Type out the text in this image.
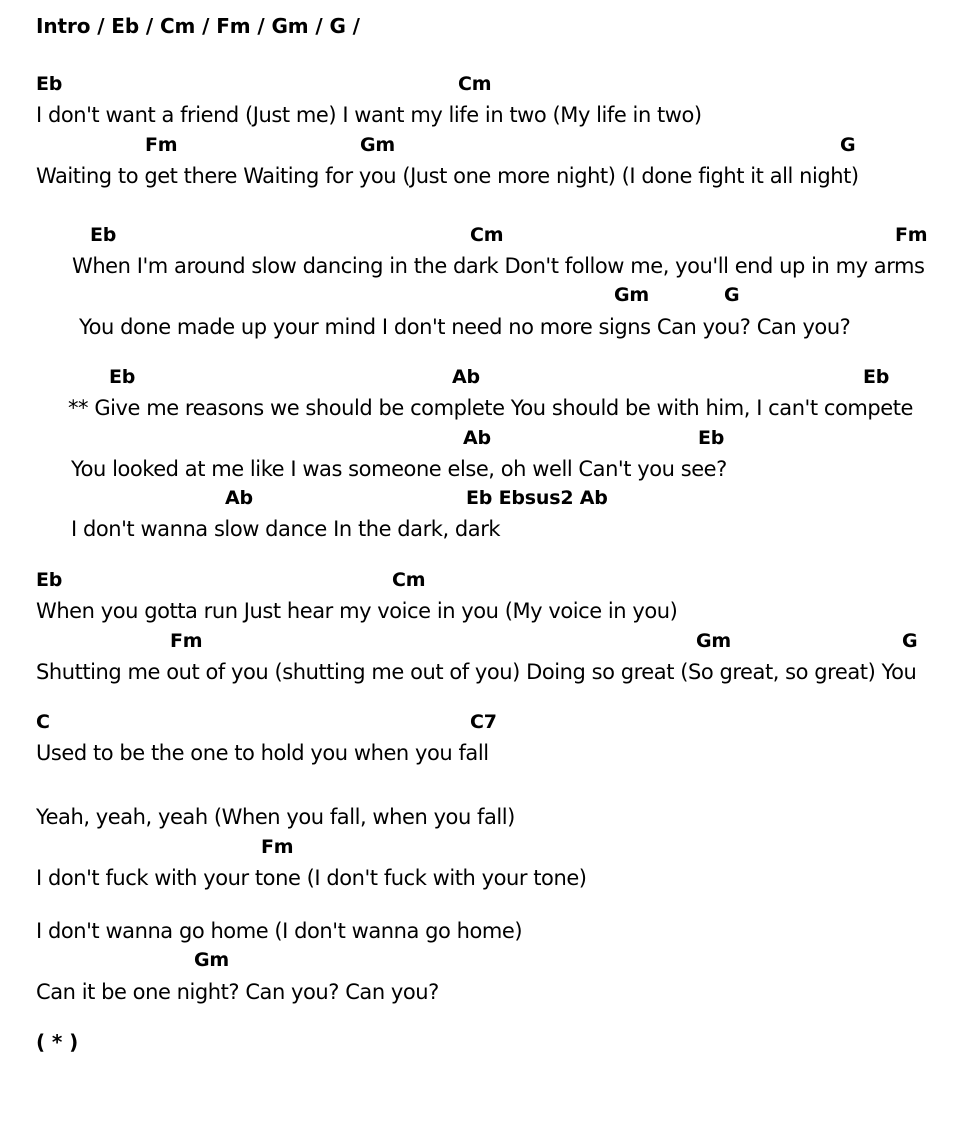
Intro / Eb / Cm / Fm / Gm / G /
Eb	Cm
I don't want a friend (Just me) I want my life in two (My life in two)
Fm	Gm	G
Waiting to get there Waiting for you (Just one more night) (I done fight it all night)
Eb	Cm	Fm
When I'm around slow dancing in the dark Don't follow me, you'll end up in my arms
Gm	G
You done made up your mind I don't need no more signs Can you? Can you?
Eb	Ab	Eb
** Give me reasons we should be complete You should be with him, I can't compete
Ab	Eb
You looked at me like I was someone else, oh well Can't you see?
Ab	Eb Ebsus2 Ab
I don't wanna slow dance In the dark, dark
Eb	Cm
When you gotta run Just hear my voice in you (My voice in you)
Fm	Gm	G
Shutting me out of you (shutting me out of you) Doing so great (So great, so great) You
C	C7
Used to be the one to hold you when you fall
Yeah, yeah, yeah (When you fall, when you fall)
Fm
I don't fuck with your tone (I don't fuck with your tone)
I don't wanna go home (I don't wanna go home)
Gm
Can it be one night? Can you? Can you?
( * )
